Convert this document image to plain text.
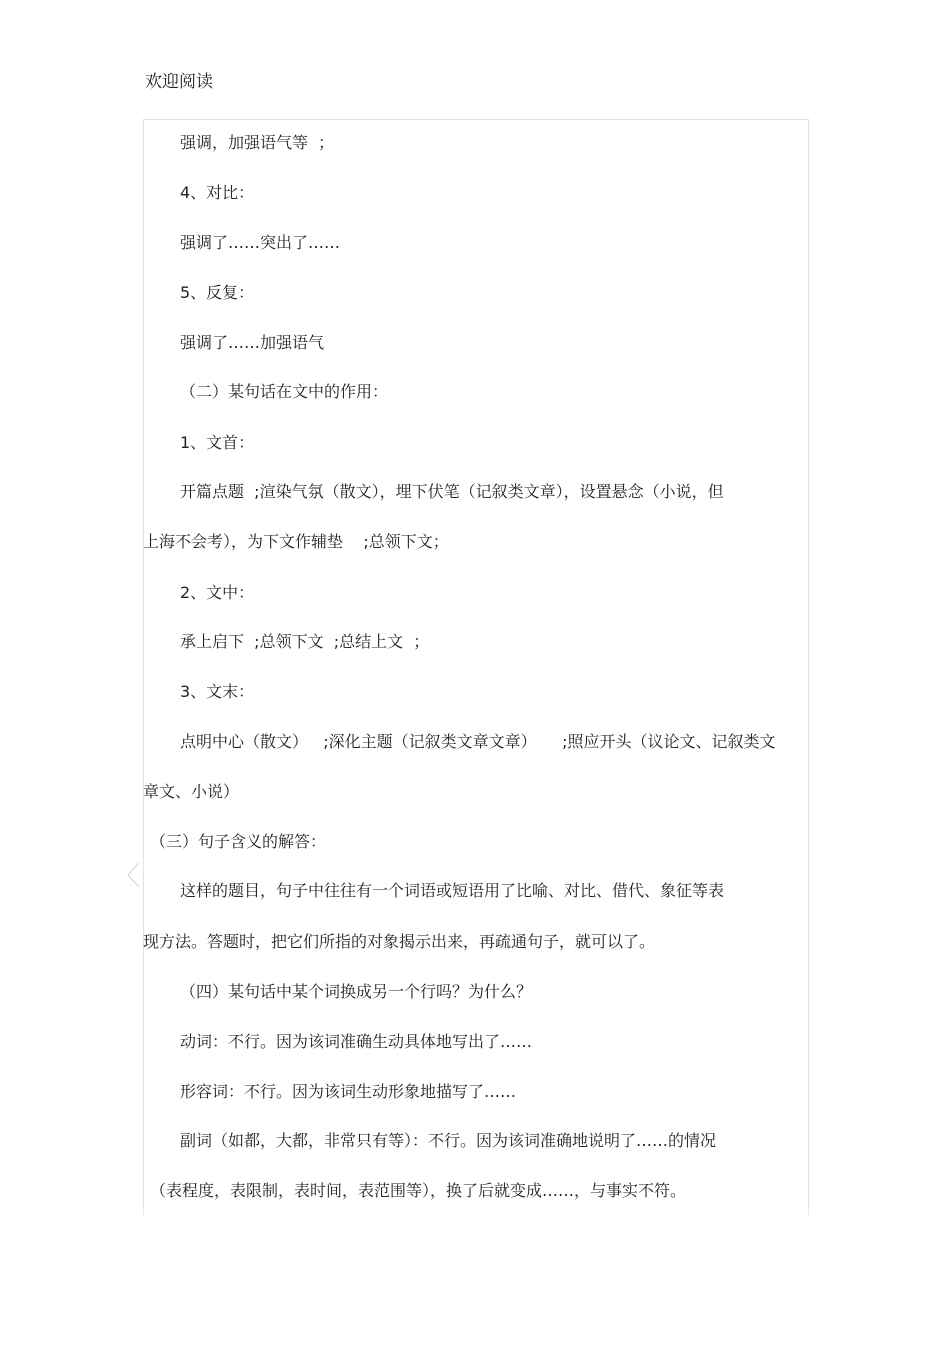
欢迎阅读
强调，加强语气等  ；
4、对比：
强调了……突出了……
5、反复：
强调了……加强语气
（二）某句话在文中的作用：
1、文首：
开篇点题  ;渲染气氛（散文），埋下伏笔（记叙类文章），设置悬念（小说，但
上海不会考），为下文作辅垫    ;总领下文；
2、文中：
承上启下  ;总领下文  ;总结上文  ；
3、文末：
点明中心（散文）   ;深化主题（记叙类文章文章）     ;照应开头（议论文、记叙类文
章文、小说）
（三）句子含义的解答：
这样的题目，句子中往往有一个词语或短语用了比喻、对比、借代、象征等表
现方法。答题时，把它们所指的对象揭示出来，再疏通句子，就可以了。
（四）某句话中某个词换成另一个行吗？为什么？
动词：不行。因为该词准确生动具体地写出了……
形容词：不行。因为该词生动形象地描写了……
副词（如都，大都，非常只有等）：不行。因为该词准确地说明了……的情况
（表程度，表限制，表时间，表范围等），换了后就变成……，与事实不符。
